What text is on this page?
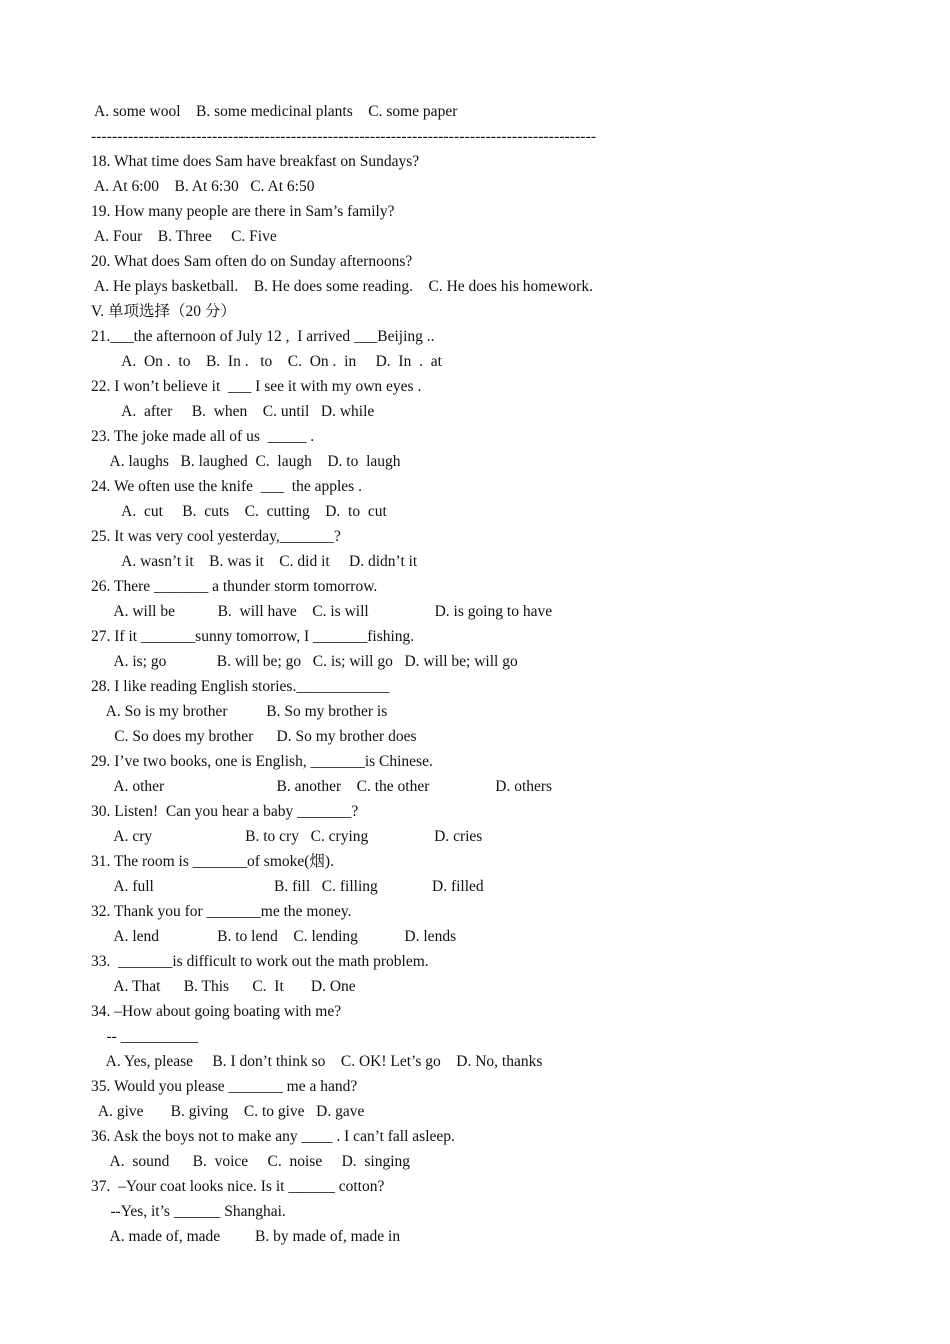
A. some wool    B. some medicinal plants    C. some paper
------------------------------------------------------------------------------------------------
18. What time does Sam have breakfast on Sundays?
A. At 6:00    B. At 6:30   C. At 6:50
19. How many people are there in Sam’s family?
A. Four    B. Three     C. Five
20. What does Sam often do on Sunday afternoons?
A. He plays basketball.    B. He does some reading.    C. He does his homework.
V. 单项选择（20 分）
21.___the afternoon of July 12 ,  I arrived ___Beijing ..
A.  On .  to    B.  In .   to    C.  On .  in     D.  In  .  at
22. I won’t believe it  ___ I see it with my own eyes .
A.  after     B.  when    C. until   D. while
23. The joke made all of us  _____ .
A. laughs   B. laughed  C.  laugh    D. to  laugh
24. We often use the knife  ___  the apples .
A.  cut     B.  cuts    C.  cutting    D.  to  cut
25. It was very cool yesterday,_______?
A. wasn’t it    B. was it    C. did it     D. didn’t it
26. There _______ a thunder storm tomorrow.
A. will be           B.  will have    C. is will                 D. is going to have
27. If it _______sunny tomorrow, I _______fishing.
A. is; go             B. will be; go   C. is; will go   D. will be; will go
28. I like reading English stories.____________
A. So is my brother          B. So my brother is
C. So does my brother      D. So my brother does
29. I’ve two books, one is English, _______is Chinese.
A. other                             B. another    C. the other                 D. others
30. Listen!  Can you hear a baby _______?
A. cry                        B. to cry   C. crying                 D. cries
31. The room is _______of smoke(烟).
A. full                               B. fill   C. filling              D. filled
32. Thank you for _______me the money.
A. lend               B. to lend    C. lending            D. lends
33.  _______is difficult to work out the math problem.
A. That      B. This      C.  It       D. One
34. –How about going boating with me?
-- __________
A. Yes, please     B. I don’t think so    C. OK! Let’s go    D. No, thanks
35. Would you please _______ me a hand?
A. give       B. giving    C. to give   D. gave
36. Ask the boys not to make any ____ . I can’t fall asleep.
A.  sound      B.  voice     C.  noise     D.  singing
37.  –Your coat looks nice. Is it ______ cotton?
--Yes, it’s ______ Shanghai.
A. made of, made         B. by made of, made in
